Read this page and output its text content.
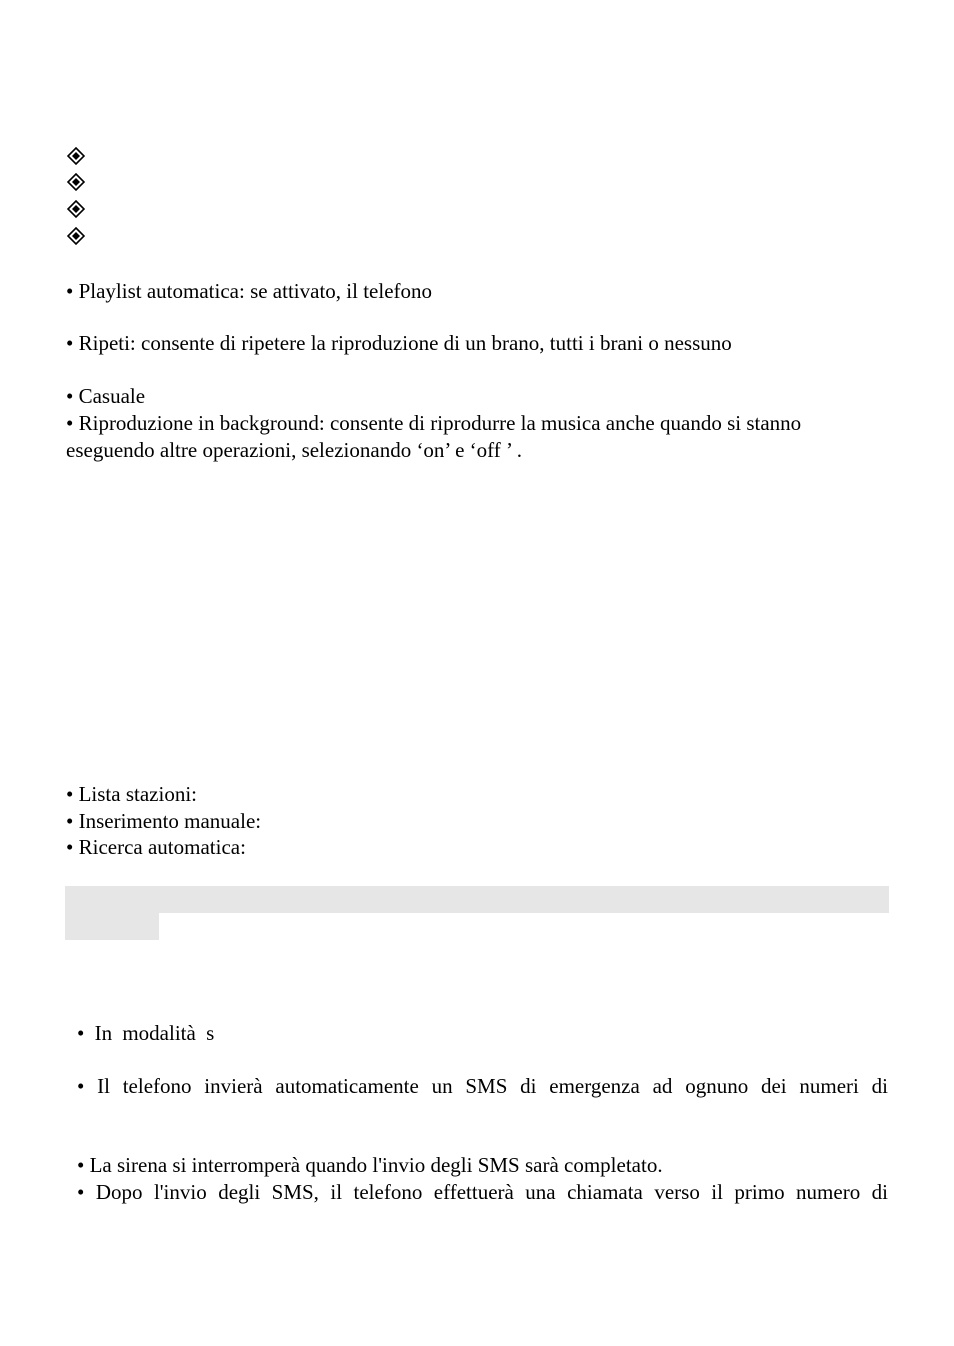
• Playlist automatica: se attivato, il telefono
• Ripeti: consente di ripetere la riproduzione di un brano, tutti i brani o nessuno
• Casuale
• Riproduzione in background: consente di riprodurre la musica anche quando si stanno
eseguendo altre operazioni, selezionando ‘on’ e ‘off ’ .
• Lista stazioni:
• Inserimento manuale:
• Ricerca automatica:
• In modalità s
• Il telefono invierà automaticamente un SMS di emergenza ad ognuno dei numeri di
• La sirena si interromperà quando l'invio degli SMS sarà completato.
• Dopo l'invio degli SMS, il telefono effettuerà una chiamata verso il primo numero di
